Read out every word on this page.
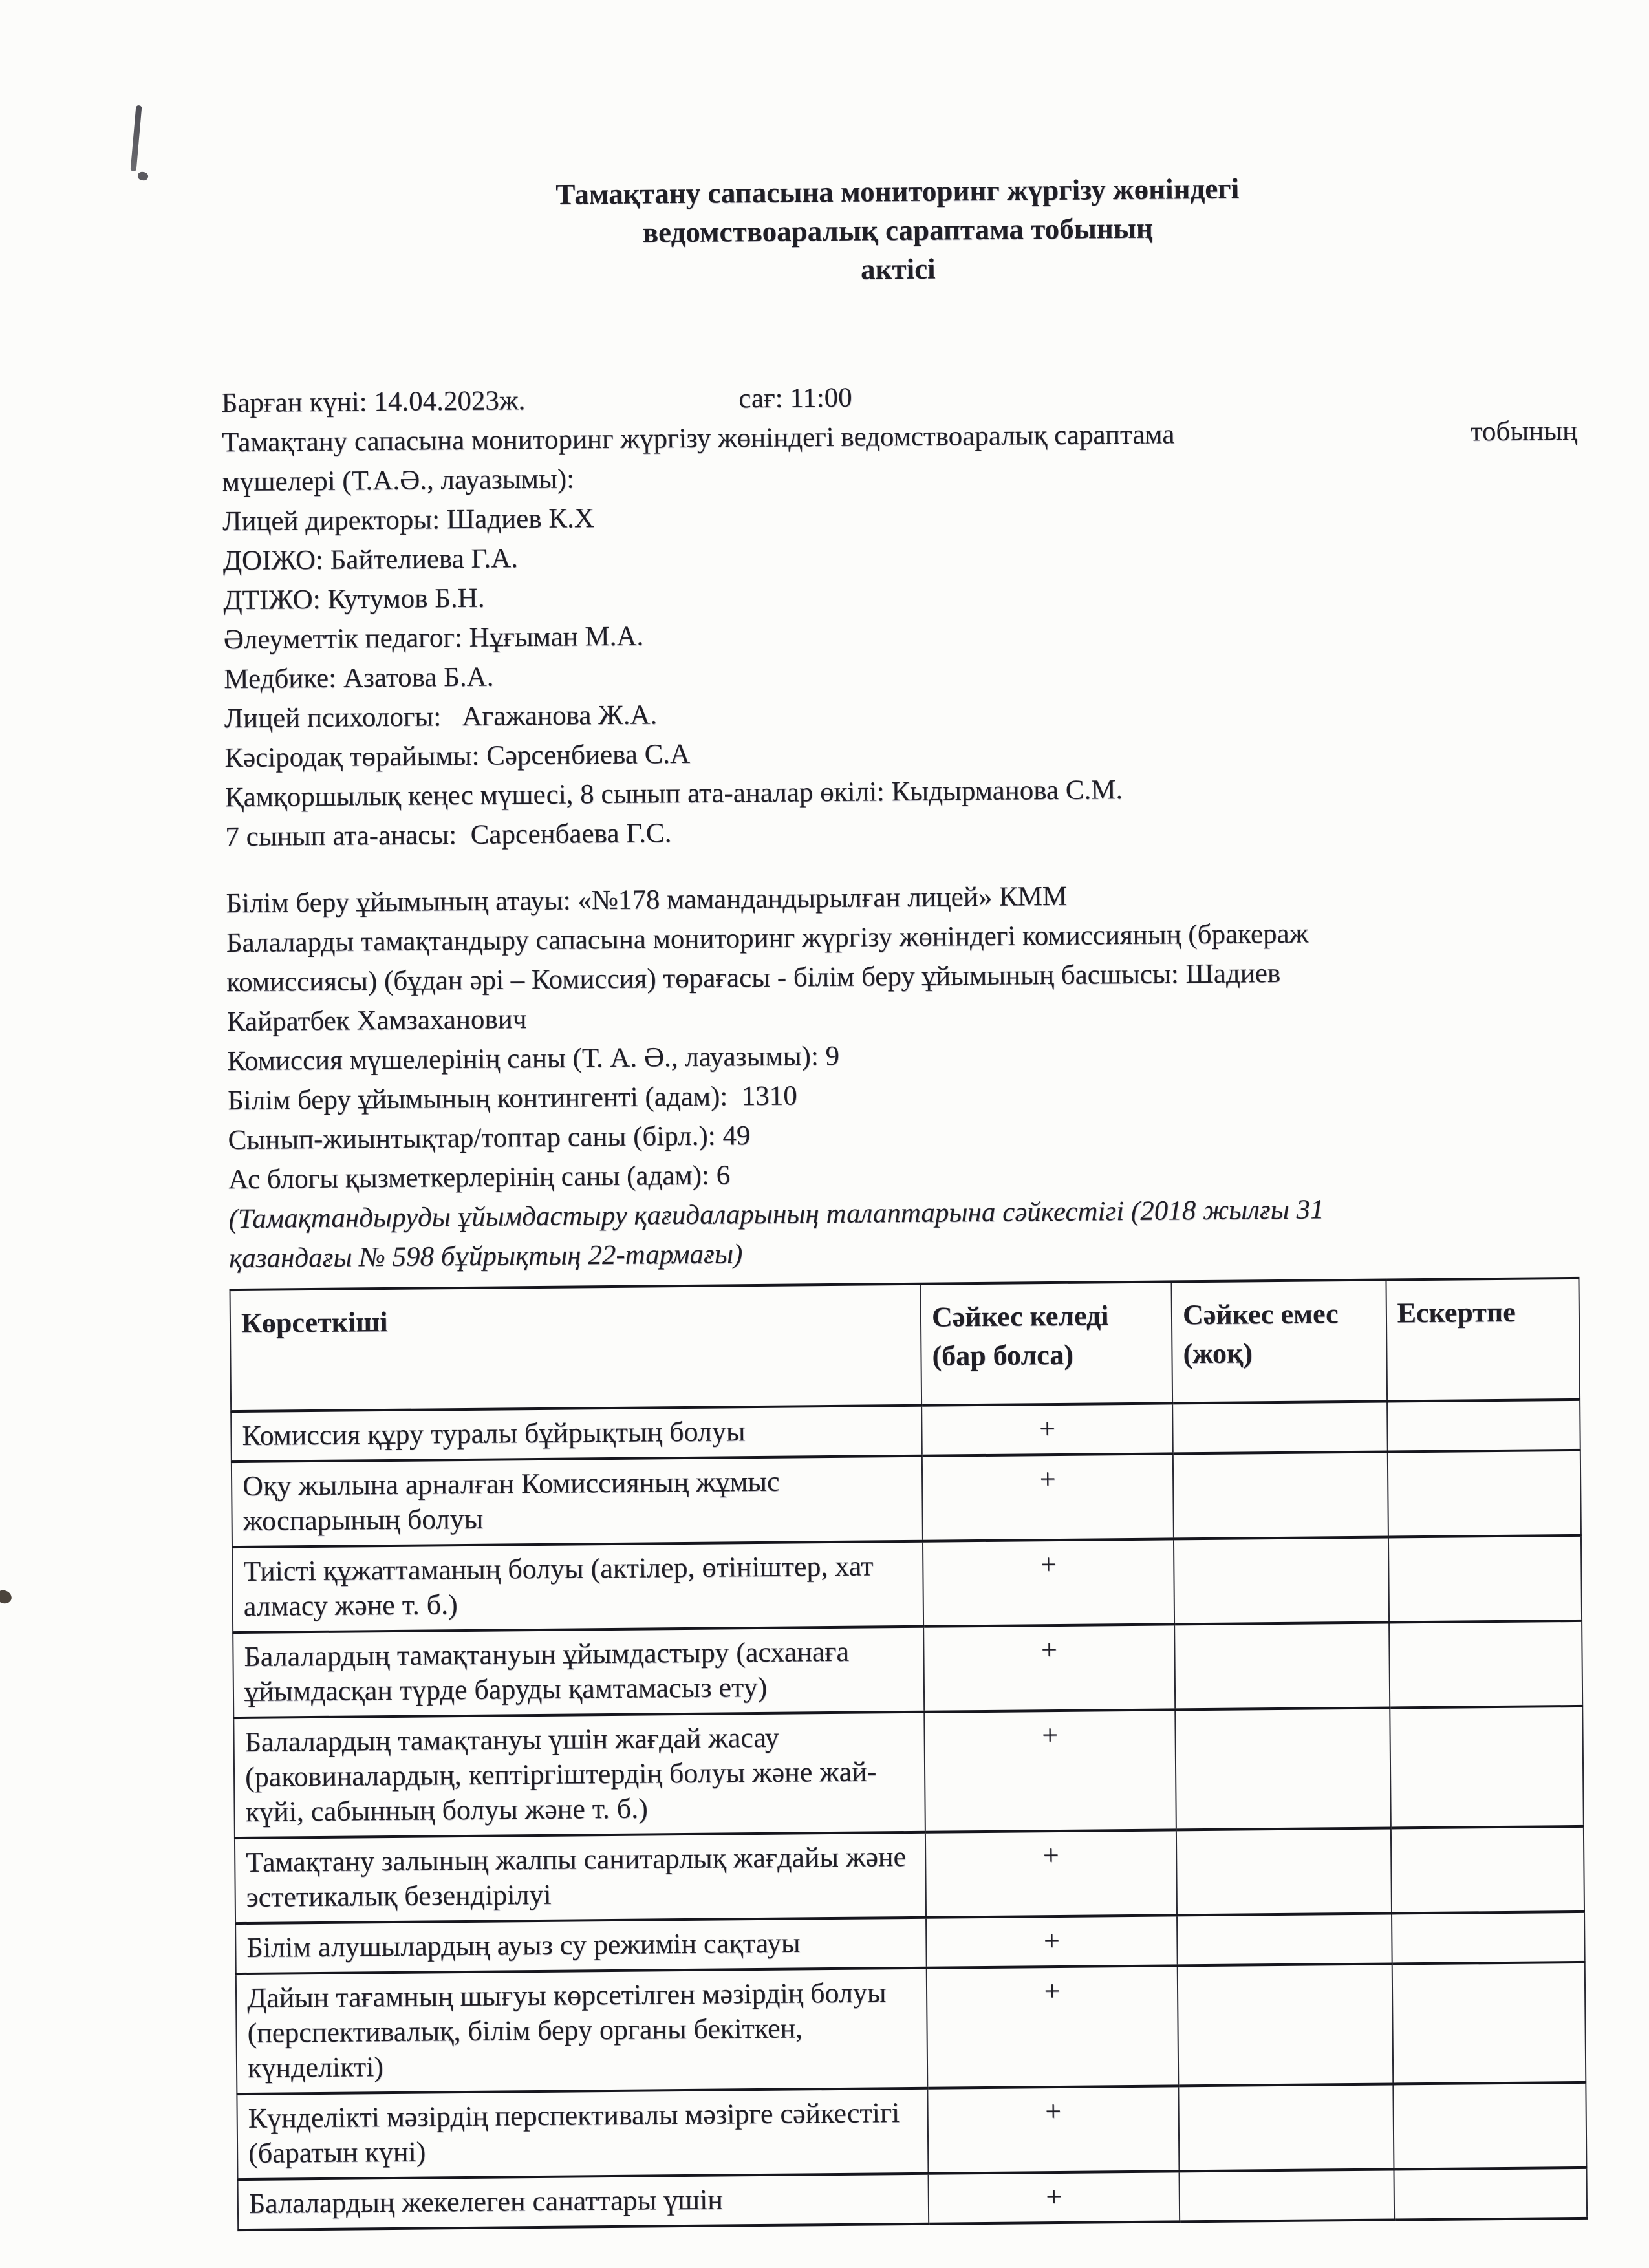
Тамақтану сапасына мониторинг жүргізу жөніндегі
ведомствоаралық сараптама тобының
актісі
Барған күні: 14.04.2023ж.	сағ: 11:00
Тамақтану сапасына мониторинг жүргізу жөніндегі ведомствоаралық сараптама	тобының
мүшелері (Т.А.Ә., лауазымы):
Лицей директоры: Шадиев К.Х
ДОІЖО: Байтелиева Г.А.
ДТІЖО: Кутумов Б.Н.
Әлеуметтік педагог: Нұғыман М.А.
Медбике: Азатова Б.А.
Лицей психологы:   Агажанова Ж.А.
Кәсіродақ төрайымы: Сәрсенбиева С.А
Қамқоршылық кеңес мүшесі, 8 сынып ата-аналар өкілі: Кыдырманова С.М.
7 сынып ата-анасы:  Сарсенбаева Г.С.
Білім беру ұйымының атауы: «№178 мамандандырылған лицей» КММ
Балаларды тамақтандыру сапасына мониторинг жүргізу жөніндегі комиссияның (бракераж
комиссиясы) (бұдан әрі – Комиссия) төрағасы - білім беру ұйымының басшысы: Шадиев
Кайратбек Хамзаханович
Комиссия мүшелерінің саны (Т. А. Ә., лауазымы): 9
Білім беру ұйымының контингенті (адам):  1310
Сынып-жиынтықтар/топтар саны (бірл.): 49
Ас блогы қызметкерлерінің саны (адам): 6
(Тамақтандыруды ұйымдастыру қағидаларының талаптарына сәйкестігі (2018 жылғы 31
қазандағы № 598 бұйрықтың 22-тармағы)
Көрсеткіші	Сәйкес келеді (бар болса)	Сәйкес емес (жоқ)	Ескертпе
Комиссия құру туралы бұйрықтың болуы	+		
Оқу жылына арналған Комиссияның жұмыс жоспарының болуы	+		
Тиісті құжаттаманың болуы (актілер, өтініштер, хат алмасу және т. б.)	+		
Балалардың тамақтануын ұйымдастыру (асханаға ұйымдасқан түрде баруды қамтамасыз ету)	+		
Балалардың тамақтануы үшін жағдай жасау (раковиналардың, кептіргіштердің болуы және жай-күйі, сабынның болуы және т. б.)	+		
Тамақтану залының жалпы санитарлық жағдайы және эстетикалық безендірілуі	+		
Білім алушылардың ауыз су режимін сақтауы	+		
Дайын тағамның шығуы көрсетілген мәзірдің болуы (перспективалық, білім беру органы бекіткен, күнделікті)	+		
Күнделікті мәзірдің перспективалы мәзірге сәйкестігі (баратын күні)	+		
Балалардың жекелеген санаттары үшін	+		
